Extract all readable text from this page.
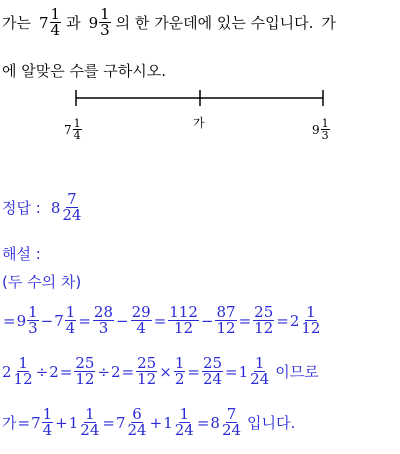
가는 $7 \frac{1}{4}$ 과 $9 \frac{1}{3}$ 의 한 가운데에 있는 수입니다. 가
에 알맞은 수를 구하시오.
$7 \frac{1}{4}$	가	$9 \frac{1}{3}$
정답 : $8 \frac{7}{24}$
해설 :
(두 수의 차)
= $9 \frac{1}{3} - 7 \frac{1}{4} = \frac{28}{3} - \frac{29}{4} = \frac{112}{12} - \frac{87}{12} = \frac{25}{12} = 2 \frac{1}{12}$
$2 \frac{1}{12} \div 2 = \frac{25}{12} \div 2 = \frac{25}{12} \times \frac{1}{2} = \frac{25}{24} = 1 \frac{1}{24}$ 이므로
가 = $7 \frac{1}{4} + 1 \frac{1}{24} = 7 \frac{6}{24} + 1 \frac{1}{24} = 8 \frac{7}{24}$ 입니다.
